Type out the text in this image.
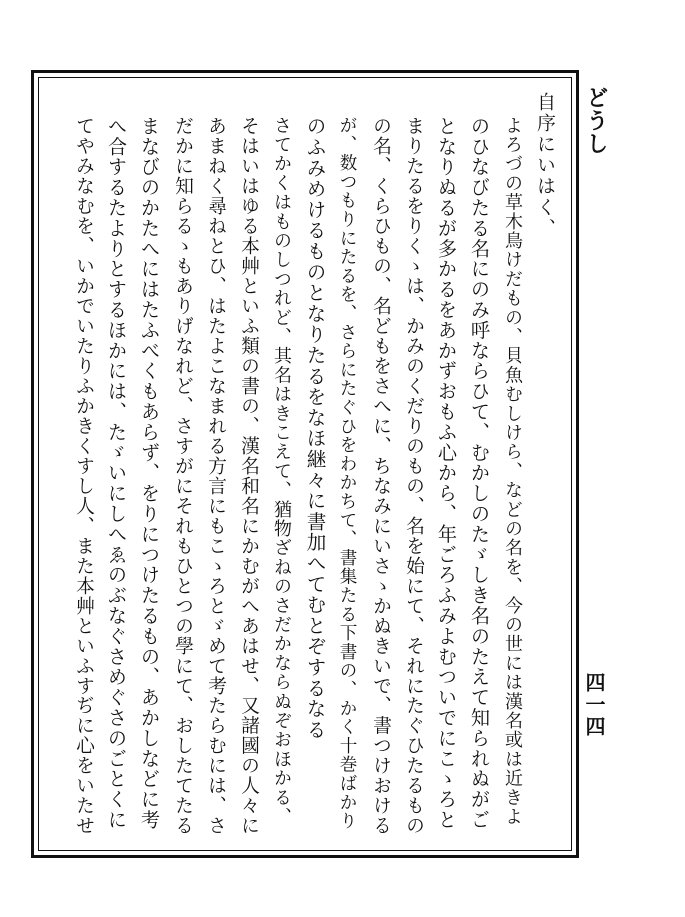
どうし
四一四
自序にいはく、
よろづの草木鳥けだもの、貝魚むしけら、などの名を、今の世には漢名或は近きよ
のひなびたる名にのみ呼ならひて、むかしのたゞしき名のたえて知られぬがご
となりぬるが多かるをあかずおもふ心から、年ごろふみよむついでにこゝろと
まりたるをりくゝは、かみのくだりのもの、名を始にて、それにたぐひたるもの
の名、くらひもの、名どもをさへに、ちなみにいさゝかぬきいで、書つけおける
が、数つもりにたるを、さらにたぐひをわかちて、書集たる下書の、かく十巻ばかり
のふみめけるものとなりたるをなほ継々に書加へてむとぞするなる
さてかくはものしつれど、其名はきこえて、猶物ざねのさだかならぬぞおほかる、
そはいはゆる本艸といふ類の書の、漢名和名にかむがへあはせ、又諸國の人々に
あまねく尋ねとひ、はたよこなまれる方言にもこゝろとゞめて考たらむには、さ
だかに知らるゝもありげなれど、さすがにそれもひとつの學にて、おしたてたる
まなびのかたへにはたふべくもあらず、をりにつけたるもの、あかしなどに考
へ合するたよりとするほかには、たゞいにしへゑのぶなぐさめぐさのごとくに
てやみなむを、いかでいたりふかきくすし人、また本艸といふすぢに心をいたせ
